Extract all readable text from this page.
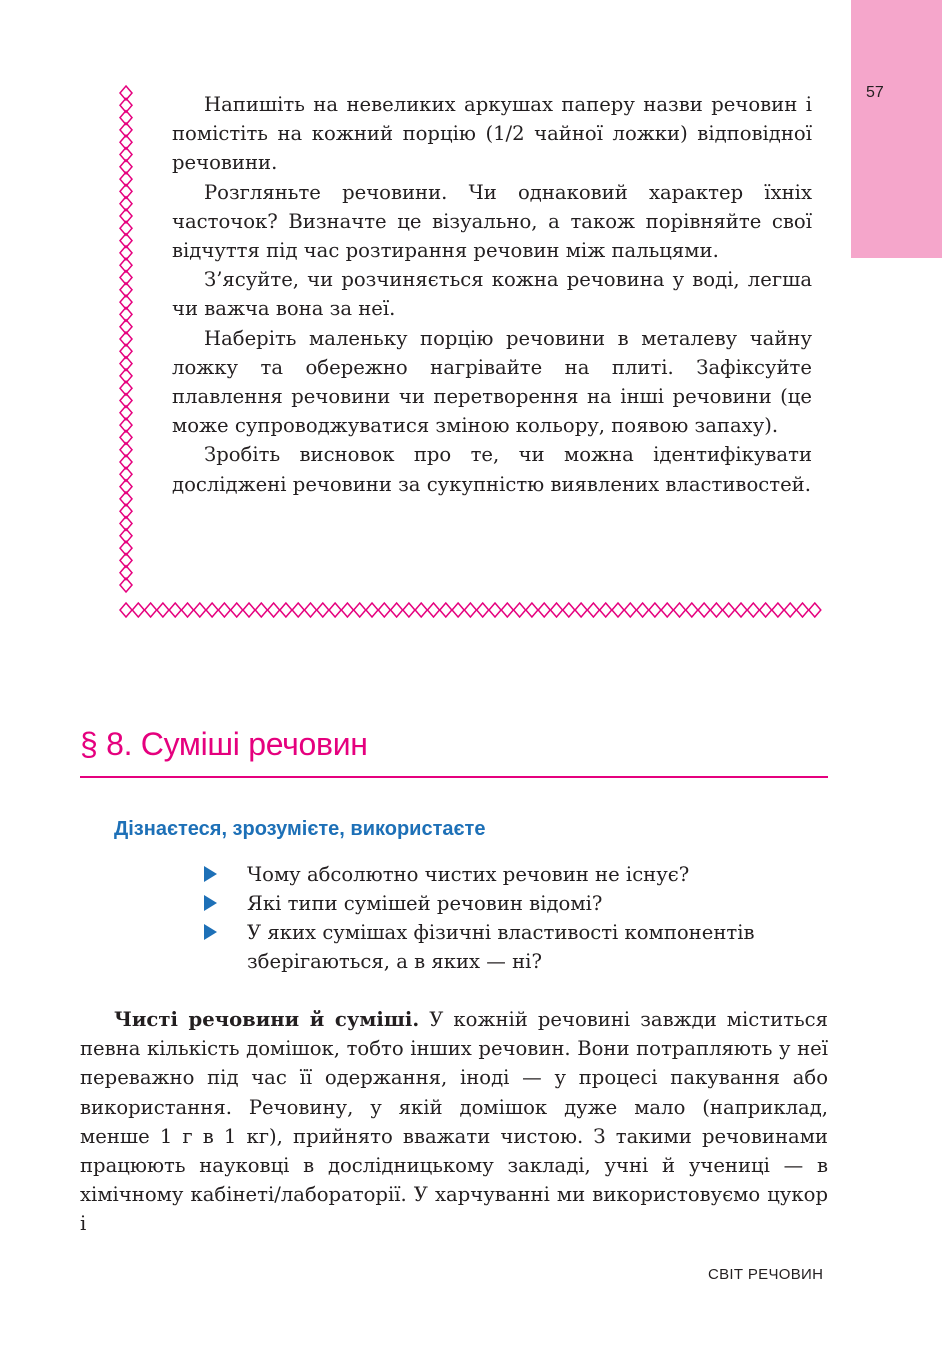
57

Напишіть на невеликих аркушах паперу назви речовин і помістіть на кожний порцію (1/2 чайної ложки) відповідної речовини.

Розгляньте речовини. Чи однаковий характер їхніх часточок? Визначте це візуально, а також порівняйте свої відчуття під час розтирання речовин між пальцями.

З’ясуйте, чи розчиняється кожна речовина у воді, легша чи важча вона за неї.

Наберіть маленьку порцію речовини в металеву чайну ложку та обережно нагрівайте на плиті. Зафіксуйте плавлення речовини чи перетворення на інші речовини (це може супроводжуватися зміною кольору, появою запаху).

Зробіть висновок про те, чи можна ідентифікувати досліджені речовини за сукупністю виявлених властивостей.

§ 8. Суміші речовин
Дізнаєтеся, зрозумієте, використаєте
Чому абсолютно чистих речовин не існує?
Які типи сумішей речовин відомі?
У яких сумішах фізичні властивості компонентів зберігаються, а в яких — ні?

Чисті речовини й суміші. У кожній речовині завжди міститься певна кількість домішок, тобто інших речовин. Вони потрапляють у неї переважно під час її одержання, іноді — у процесі пакування або використання. Речовину, у якій домішок дуже мало (наприклад, менше 1 г в 1 кг), прийнято вважати чистою. З такими речовинами працюють науковці в дослідницькому закладі, учні й учениці — в хімічному кабінеті/лабораторії. У харчуванні ми використовуємо цукор і

СВІТ РЕЧОВИН
